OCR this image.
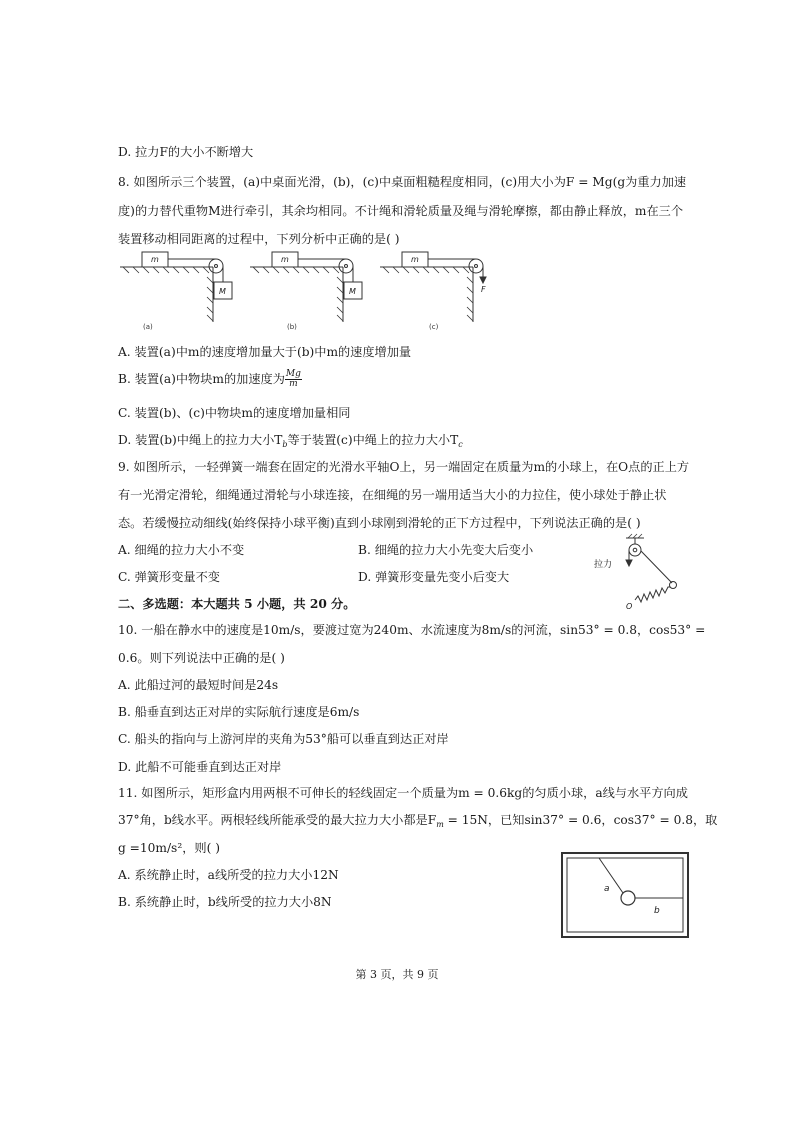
D. 拉力F的大小不断增大
8. 如图所示三个装置，(a)中桌面光滑，(b)，(c)中桌面粗糙程度相同，(c)用大小为F = Mg(g为重力加速
度)的力替代重物M进行牵引，其余均相同。不计绳和滑轮质量及绳与滑轮摩擦，都由静止释放，m在三个
装置移动相同距离的过程中，下列分析中正确的是( )
m
M
m
M
m
F
(a)	(b)	(c)
A. 装置(a)中m的速度增加量大于(b)中m的速度增加量
B. 装置(a)中物块m的加速度为 $\frac{Mg}{m}$
C. 装置(b)、(c)中物块m的速度增加量相同
D. 装置(b)中绳上的拉力大小$T_b$等于装置(c)中绳上的拉力大小$T_c$
9. 如图所示，一轻弹簧一端套在固定的光滑水平轴O上，另一端固定在质量为m的小球上，在O点的正上方
有一光滑定滑轮，细绳通过滑轮与小球连接，在细绳的另一端用适当大小的力拉住，使小球处于静止状
态。若缓慢拉动细线(始终保持小球平衡)直到小球刚到滑轮的正下方过程中，下列说法正确的是( )
A. 细绳的拉力大小不变	B. 细绳的拉力大小先变大后变小
C. 弹簧形变量不变	D. 弹簧形变量先变小后变大
拉力
O
二、多选题：本大题共 5 小题，共 20 分。
10. 一船在静水中的速度是10m/s，要渡过宽为240m、水流速度为8m/s的河流，sin53° = 0.8，cos53° =
0.6。则下列说法中正确的是( )
A. 此船过河的最短时间是24s
B. 船垂直到达正对岸的实际航行速度是6m/s
C. 船头的指向与上游河岸的夹角为53°船可以垂直到达正对岸
D. 此船不可能垂直到达正对岸
11. 如图所示，矩形盒内用两根不可伸长的轻线固定一个质量为m = 0.6kg的匀质小球，a线与水平方向成
37°角，b线水平。两根轻线所能承受的最大拉力大小都是$F_m = 15N$，已知sin37° = 0.6，cos37° = 0.8，取
g =10m/s²，则( )
A. 系统静止时，a线所受的拉力大小12N
B. 系统静止时，b线所受的拉力大小8N
a
b
第 3 页，共 9 页
